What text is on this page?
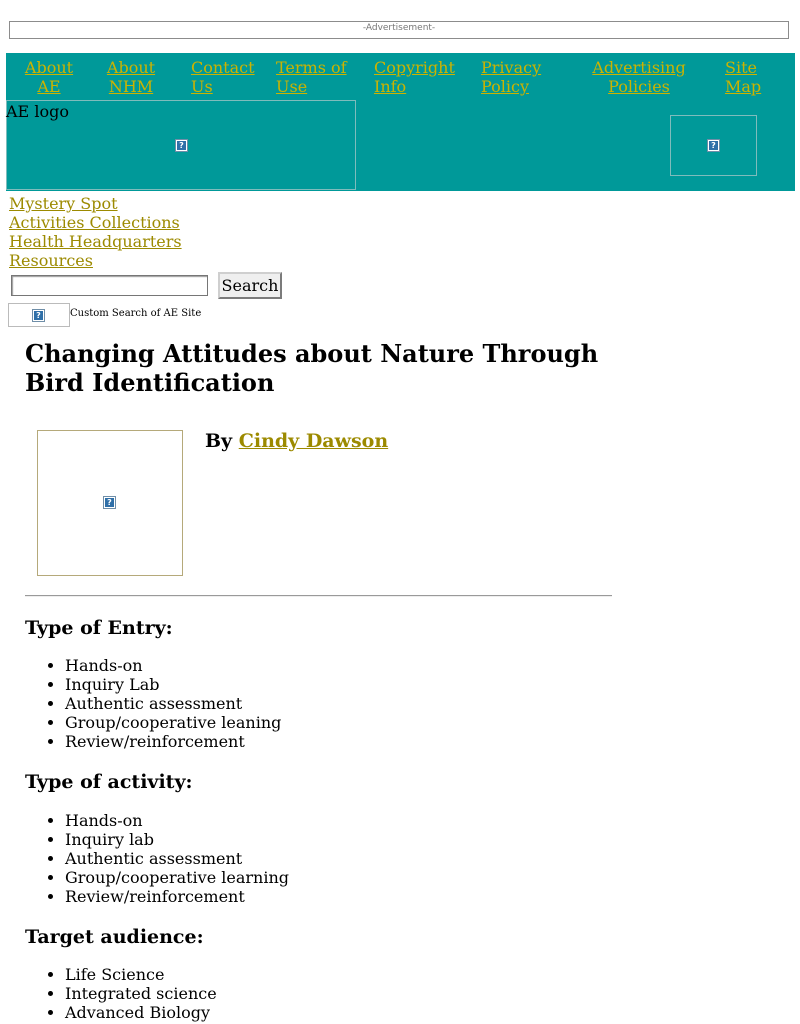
-Advertisement-
About AE
About NHM
Contact Us
Terms of Use
Copyright Info
Privacy Policy
Advertising Policies
Site Map
?
AE logo
?
Mystery Spot
Activities Collections
Health Headquarters
Resources
Search
?	Custom Search of AE Site
Changing Attitudes about Nature Through Bird Identification
?
By Cindy Dawson
Type of Entry:
• Hands-on
• Inquiry Lab
• Authentic assessment
• Group/cooperative leaning
• Review/reinforcement
Type of activity:
• Hands-on
• Inquiry lab
• Authentic assessment
• Group/cooperative learning
• Review/reinforcement
Target audience:
• Life Science
• Integrated science
• Advanced Biology
